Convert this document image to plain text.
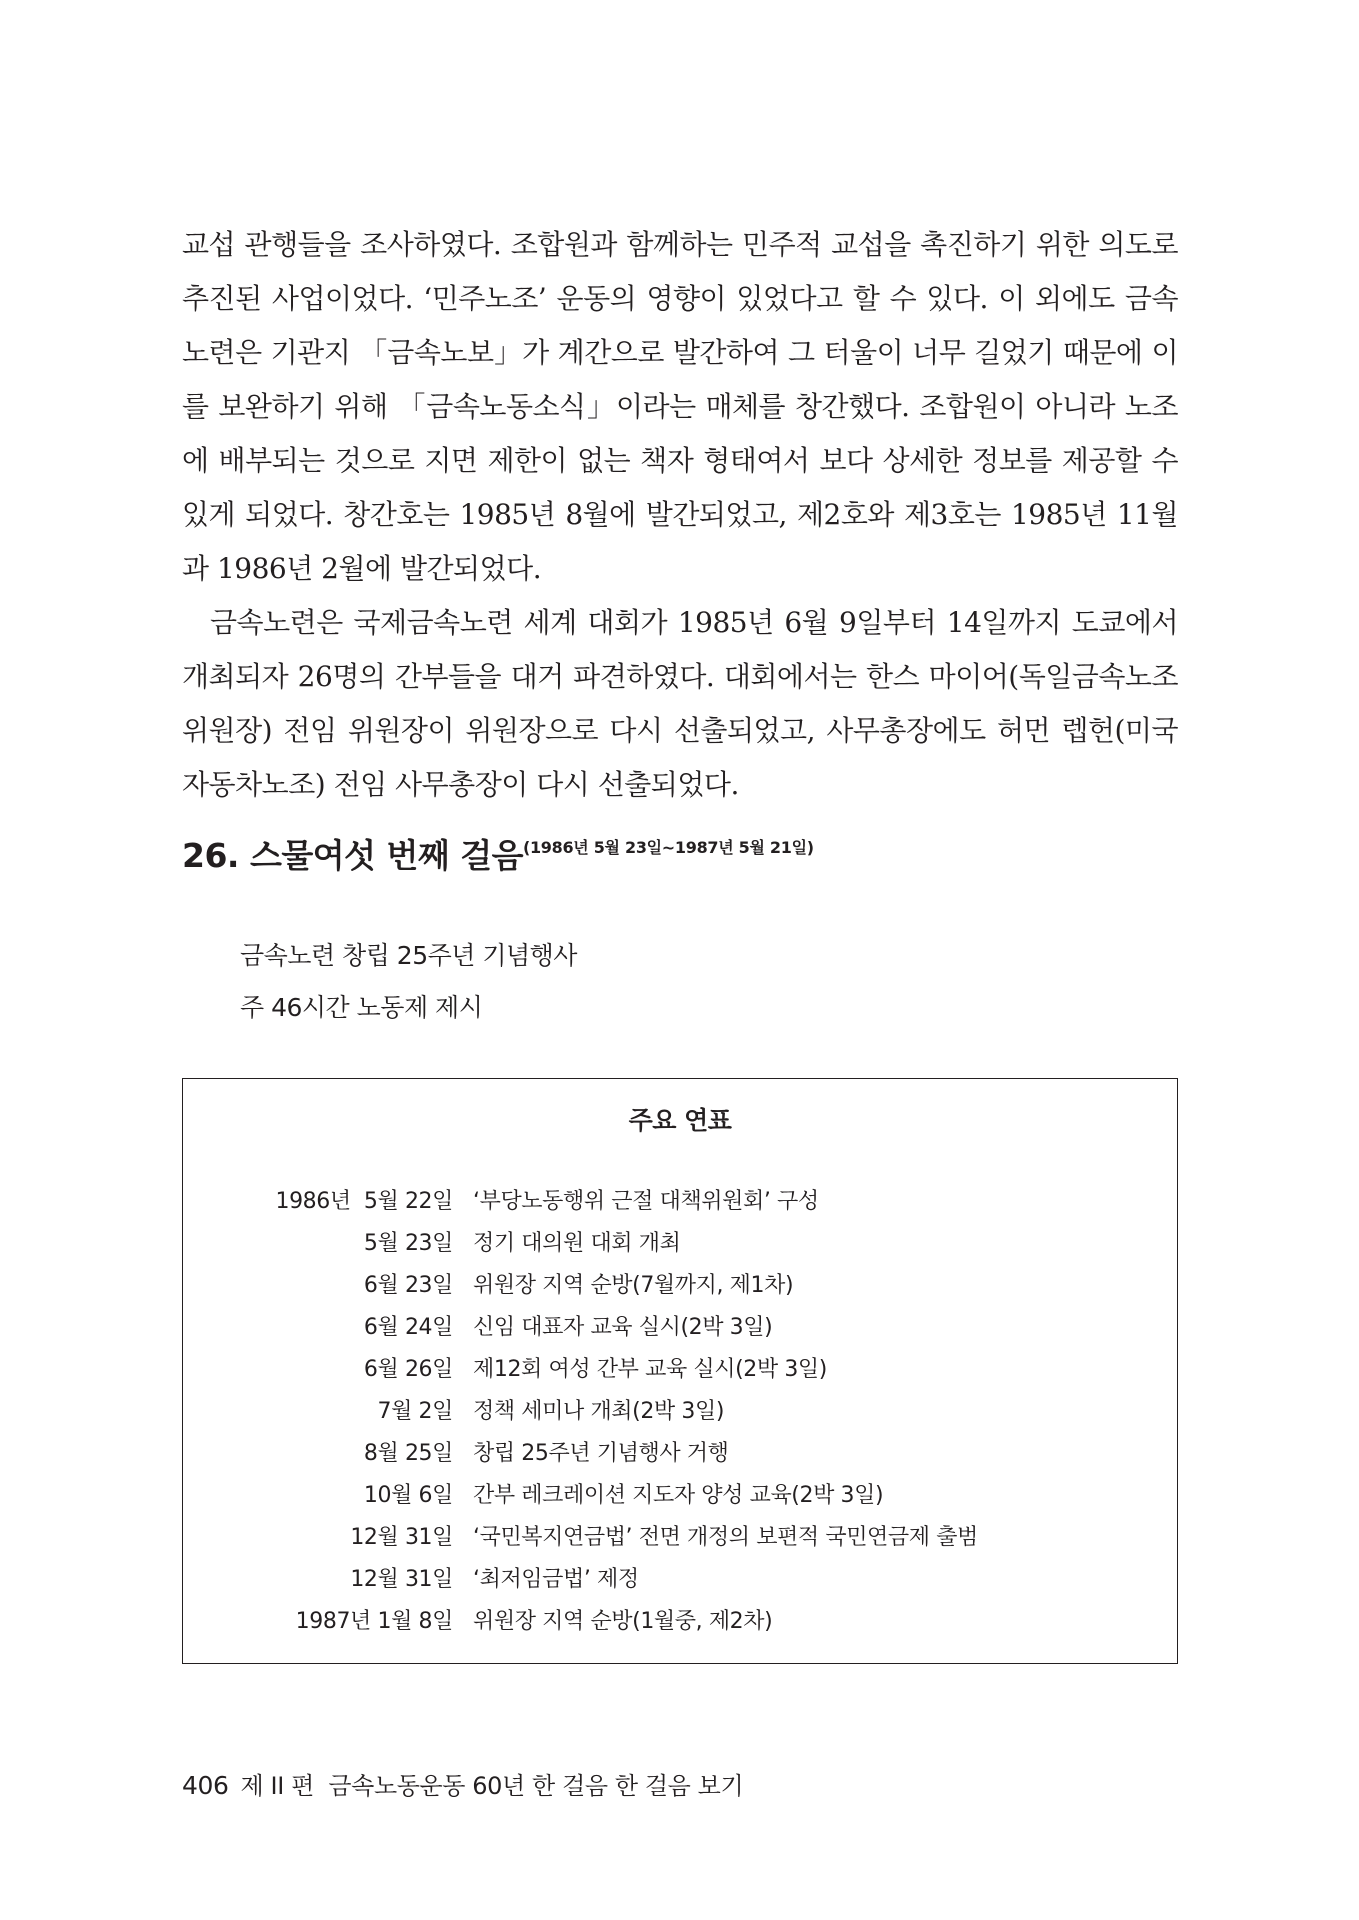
교섭 관행들을 조사하였다. 조합원과 함께하는 민주적 교섭을 촉진하기 위한 의도로 추진된 사업이었다. ‘민주노조’ 운동의 영향이 있었다고 할 수 있다. 이 외에도 금속노련은 기관지 「금속노보」가 계간으로 발간하여 그 터울이 너무 길었기 때문에 이를 보완하기 위해 「금속노동소식」이라는 매체를 창간했다. 조합원이 아니라 노조에 배부되는 것으로 지면 제한이 없는 책자 형태여서 보다 상세한 정보를 제공할 수 있게 되었다. 창간호는 1985년 8월에 발간되었고, 제2호와 제3호는 1985년 11월과 1986년 2월에 발간되었다.

금속노련은 국제금속노련 세계 대회가 1985년 6월 9일부터 14일까지 도쿄에서 개최되자 26명의 간부들을 대거 파견하였다. 대회에서는 한스 마이어(독일금속노조 위원장) 전임 위원장이 위원장으로 다시 선출되었고, 사무총장에도 허먼 렙헌(미국자동차노조) 전임 사무총장이 다시 선출되었다.

26. 스물여섯 번째 걸음$^{(1986년 5월 23일\sim 1987년 5월 21일)}$
금속노련 창립 25주년 기념행사
주 46시간 노동제 제시
주요 연표
1986년  5월 22일 ‘부당노동행위 근절 대책위원회’ 구성
5월 23일 정기 대의원 대회 개최
6월 23일 위원장 지역 순방(7월까지, 제1차)
6월 24일 신임 대표자 교육 실시(2박 3일)
6월 26일 제12회 여성 간부 교육 실시(2박 3일)
7월 2일 정책 세미나 개최(2박 3일)
8월 25일 창립 25주년 기념행사 거행
10월 6일 간부 레크레이션 지도자 양성 교육(2박 3일)
12월 31일 ‘국민복지연금법’ 전면 개정의 보편적 국민연금제 출범
12월 31일 ‘최저임금법’ 제정
1987년 1월 8일 위원장 지역 순방(1월중, 제2차)
406 제 II 편  금속노동운동 60년 한 걸음 한 걸음 보기
